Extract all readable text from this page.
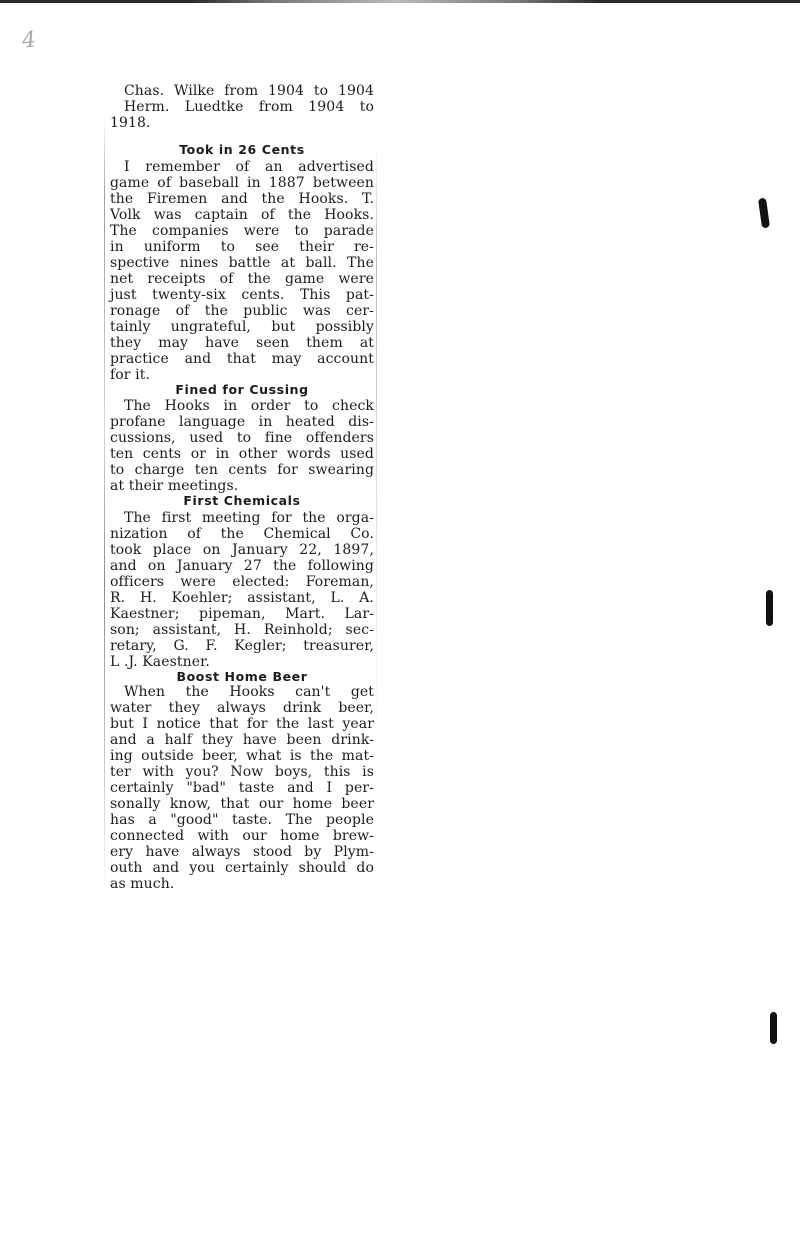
4
Chas. Wilke from 1904 to 1904
Herm. Luedtke from 1904 to
1918.
Took in 26 Cents
I remember of an advertised
game of baseball in 1887 between
the Firemen and the Hooks. T.
Volk was captain of the Hooks.
The companies were to parade
in uniform to see their re-
spective nines battle at ball. The
net receipts of the game were
just twenty-six cents. This pat-
ronage of the public was cer-
tainly ungrateful, but possibly
they may have seen them at
practice and that may account
for it.
Fined for Cussing
The Hooks in order to check
profane language in heated dis-
cussions, used to fine offenders
ten cents or in other words used
to charge ten cents for swearing
at their meetings.
First Chemicals
The first meeting for the orga-
nization of the Chemical Co.
took place on January 22, 1897,
and on January 27 the following
officers were elected: Foreman,
R. H. Koehler; assistant, L. A.
Kaestner; pipeman, Mart. Lar-
son; assistant, H. Reinhold; sec-
retary, G. F. Kegler; treasurer,
L .J. Kaestner.
Boost Home Beer
When the Hooks can't get
water they always drink beer,
but I notice that for the last year
and a half they have been drink-
ing outside beer, what is the mat-
ter with you? Now boys, this is
certainly "bad" taste and I per-
sonally know, that our home beer
has a "good" taste. The people
connected with our home brew-
ery have always stood by Plym-
outh and you certainly should do
as much.
